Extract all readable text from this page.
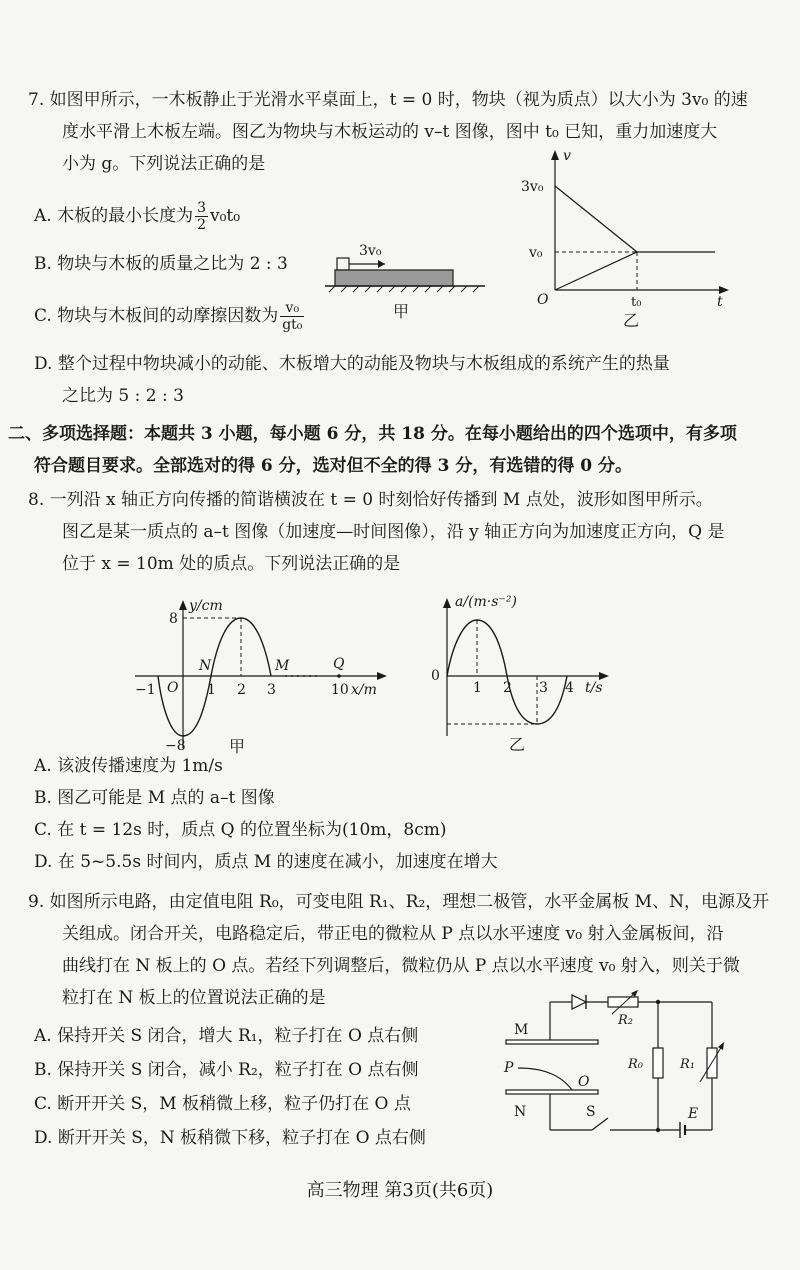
7. 如图甲所示，一木板静止于光滑水平桌面上，t = 0 时，物块（视为质点）以大小为 3v₀ 的速
度水平滑上木板左端。图乙为物块与木板运动的 v–t 图像，图中 t₀ 已知，重力加速度大
小为 g。下列说法正确的是
A. 木板的最小长度为 $\frac{3}{2} v_0t_0$
B. 物块与木板的质量之比为 2 : 3
C. 物块与木板间的动摩擦因数为 $\frac{\text{v₀}}{\text{gt₀}}$
D. 整个过程中物块减小的动能、木板增大的动能及物块与木板组成的系统产生的热量
之比为 5 : 2 : 3
3v₀
甲
v
t
O
3v₀
v₀
t₀
乙
二、多项选择题：本题共 3 小题，每小题 6 分，共 18 分。在每小题给出的四个选项中，有多项
符合题目要求。全部选对的得 6 分，选对但不全的得 3 分，有选错的得 0 分。
8. 一列沿 x 轴正方向传播的简谐横波在 t = 0 时刻恰好传播到 M 点处，波形如图甲所示。
图乙是某一质点的 a–t 图像（加速度—时间图像），沿 y 轴正方向为加速度正方向，Q 是
位于 x = 10m 处的质点。下列说法正确的是
y/cm
x/m
O
8
−8
−1	1 2 3	10
N	M	Q
甲
a/(m·s⁻²)
t/s
0
1 2 3 4
乙
A. 该波传播速度为 1m/s
B. 图乙可能是 M 点的 a–t 图像
C. 在 t = 12s 时，质点 Q 的位置坐标为(10m，8cm)
D. 在 5~5.5s 时间内，质点 M 的速度在减小，加速度在增大
9. 如图所示电路，由定值电阻 R₀，可变电阻 R₁、R₂，理想二极管，水平金属板 M、N，电源及开
关组成。闭合开关，电路稳定后，带正电的微粒从 P 点以水平速度 v₀ 射入金属板间，沿
曲线打在 N 板上的 O 点。若经下列调整后，微粒仍从 P 点以水平速度 v₀ 射入，则关于微
粒打在 N 板上的位置说法正确的是
A. 保持开关 S 闭合，增大 R₁，粒子打在 O 点右侧
B. 保持开关 S 闭合，减小 R₂，粒子打在 O 点右侧
C. 断开开关 S，M 板稍微上移，粒子仍打在 O 点
D. 断开开关 S，N 板稍微下移，粒子打在 O 点右侧
R₂
M
P
O
N	S	E
R₀	R₁
高三物理 第3页(共6页)
